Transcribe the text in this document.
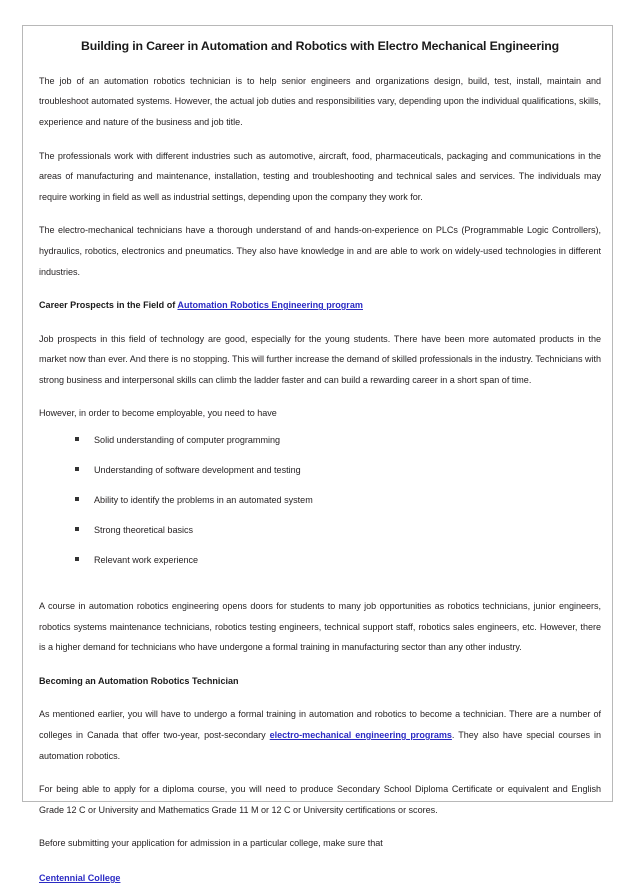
Building in Career in Automation and Robotics with Electro Mechanical Engineering

The job of an automation robotics technician is to help senior engineers and organizations design, build, test, install, maintain and troubleshoot automated systems. However, the actual job duties and responsibilities vary, depending upon the individual qualifications, skills, experience and nature of the business and job title.

The professionals work with different industries such as automotive, aircraft, food, pharmaceuticals, packaging and communications in the areas of manufacturing and maintenance, installation, testing and troubleshooting and technical sales and services. The individuals may require working in field as well as industrial settings, depending upon the company they work for.

The electro-mechanical technicians have a thorough understand of and hands-on-experience on PLCs (Programmable Logic Controllers), hydraulics, robotics, electronics and pneumatics. They also have knowledge in and are able to work on widely-used technologies in different industries.

Career Prospects in the Field of Automation Robotics Engineering program

Job prospects in this field of technology are good, especially for the young students. There have been more automated products in the market now than ever. And there is no stopping. This will further increase the demand of skilled professionals in the industry. Technicians with strong business and interpersonal skills can climb the ladder faster and can build a rewarding career in a short span of time.

However, in order to become employable, you need to have

Solid understanding of computer programming
Understanding of software development and testing
Ability to identify the problems in an automated system
Strong theoretical basics
Relevant work experience

A course in automation robotics engineering opens doors for students to many job opportunities as robotics technicians, junior engineers, robotics systems maintenance technicians, robotics testing engineers, technical support staff, robotics sales engineers, etc. However, there is a higher demand for technicians who have undergone a formal training in manufacturing sector than any other industry.

Becoming an Automation Robotics Technician

As mentioned earlier, you will have to undergo a formal training in automation and robotics to become a technician. There are a number of colleges in Canada that offer two-year, post-secondary electro-mechanical engineering programs. They also have special courses in automation robotics.

For being able to apply for a diploma course, you will need to produce Secondary School Diploma Certificate or equivalent and English Grade 12 C or University and Mathematics Grade 11 M or 12 C or University certifications or scores.

Before submitting your application for admission in a particular college, make sure that

Centennial College
